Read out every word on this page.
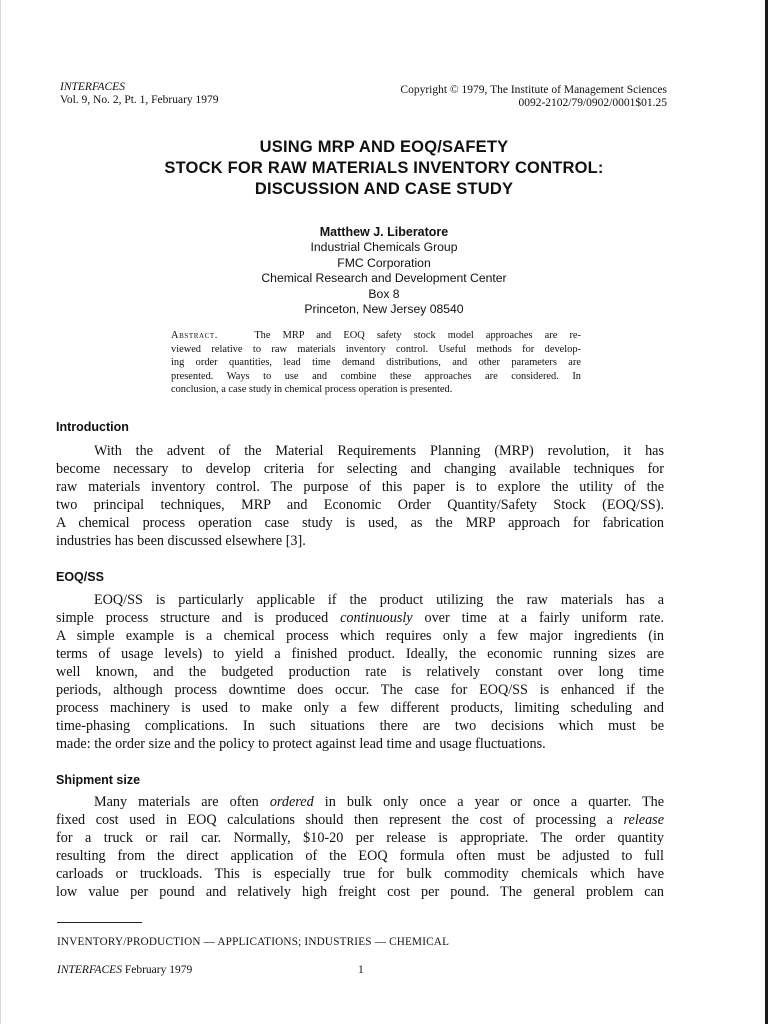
INTERFACES
Vol. 9, No. 2, Pt. 1, February 1979
Copyright © 1979, The Institute of Management Sciences
0092-2102/79/0902/0001$01.25
USING MRP AND EOQ/SAFETY
STOCK FOR RAW MATERIALS INVENTORY CONTROL:
DISCUSSION AND CASE STUDY
Matthew J. Liberatore
Industrial Chemicals Group
FMC Corporation
Chemical Research and Development Center
Box 8
Princeton, New Jersey 08540
Abstract.	The MRP and EOQ safety stock model approaches are re-
viewed relative to raw materials inventory control. Useful methods for develop-
ing order quantities, lead time demand distributions, and other parameters are
presented. Ways to use and combine these approaches are considered. In
conclusion, a case study in chemical process operation is presented.
Introduction
With the advent of the Material Requirements Planning (MRP) revolution, it has
become necessary to develop criteria for selecting and changing available techniques for
raw materials inventory control. The purpose of this paper is to explore the utility of the
two principal techniques, MRP and Economic Order Quantity/Safety Stock (EOQ/SS).
A chemical process operation case study is used, as the MRP approach for fabrication
industries has been discussed elsewhere [3].
EOQ/SS
EOQ/SS is particularly applicable if the product utilizing the raw materials has a
simple process structure and is produced continuously over time at a fairly uniform rate.
A simple example is a chemical process which requires only a few major ingredients (in
terms of usage levels) to yield a finished product. Ideally, the economic running sizes are
well known, and the budgeted production rate is relatively constant over long time
periods, although process downtime does occur. The case for EOQ/SS is enhanced if the
process machinery is used to make only a few different products, limiting scheduling and
time-phasing complications. In such situations there are two decisions which must be
made: the order size and the policy to protect against lead time and usage fluctuations.
Shipment size
Many materials are often ordered in bulk only once a year or once a quarter. The
fixed cost used in EOQ calculations should then represent the cost of processing a release
for a truck or rail car. Normally, $10-20 per release is appropriate. The order quantity
resulting from the direct application of the EOQ formula often must be adjusted to full
carloads or truckloads. This is especially true for bulk commodity chemicals which have
low value per pound and relatively high freight cost per pound. The general problem can
INVENTORY/PRODUCTION — APPLICATIONS; INDUSTRIES — CHEMICAL
INTERFACES February 1979	1
